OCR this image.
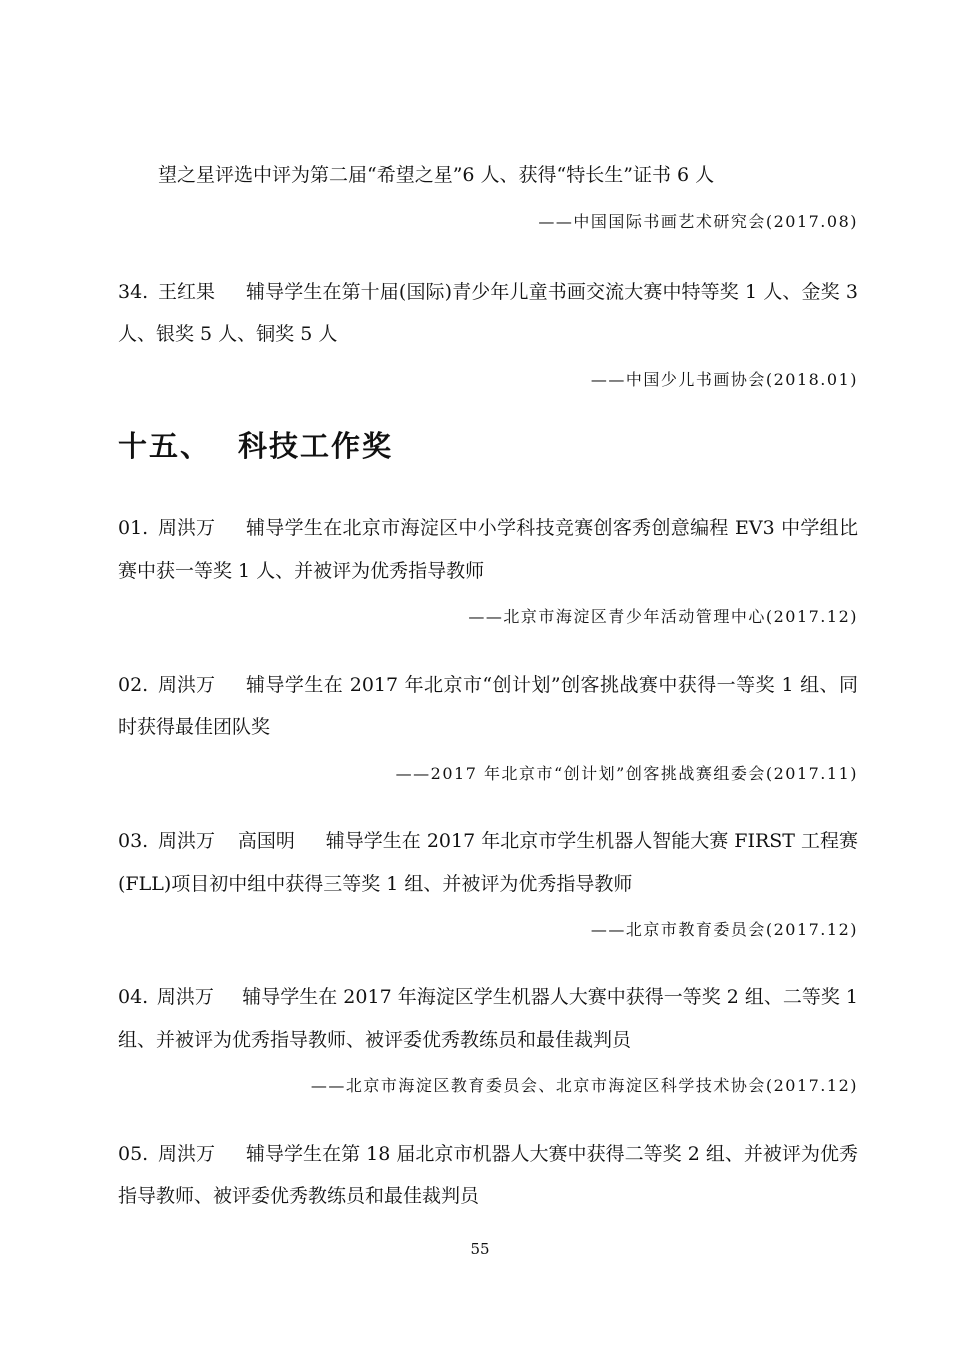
望之星评选中评为第二届“希望之星”6 人、获得“特长生”证书 6 人
——中国国际书画艺术研究会(2017.08)
34. 王红果	辅导学生在第十届(国际)青少年儿童书画交流大赛中特等奖 1 人、金奖 3
人、银奖 5 人、铜奖 5 人
——中国少儿书画协会(2018.01)
十五、 科技工作奖
01. 周洪万	辅导学生在北京市海淀区中小学科技竞赛创客秀创意编程 EV3 中学组比
赛中获一等奖 1 人、并被评为优秀指导教师
——北京市海淀区青少年活动管理中心(2017.12)
02. 周洪万	辅导学生在 2017 年北京市“创计划”创客挑战赛中获得一等奖 1 组、同
时获得最佳团队奖
——2017 年北京市“创计划”创客挑战赛组委会(2017.11)
03. 周洪万	高国明	辅导学生在 2017 年北京市学生机器人智能大赛 FIRST 工程赛
(FLL)项目初中组中获得三等奖 1 组、并被评为优秀指导教师
——北京市教育委员会(2017.12)
04. 周洪万	辅导学生在 2017 年海淀区学生机器人大赛中获得一等奖 2 组、二等奖 1
组、并被评为优秀指导教师、被评委优秀教练员和最佳裁判员
——北京市海淀区教育委员会、北京市海淀区科学技术协会(2017.12)
05. 周洪万	辅导学生在第 18 届北京市机器人大赛中获得二等奖 2 组、并被评为优秀
指导教师、被评委优秀教练员和最佳裁判员
55
